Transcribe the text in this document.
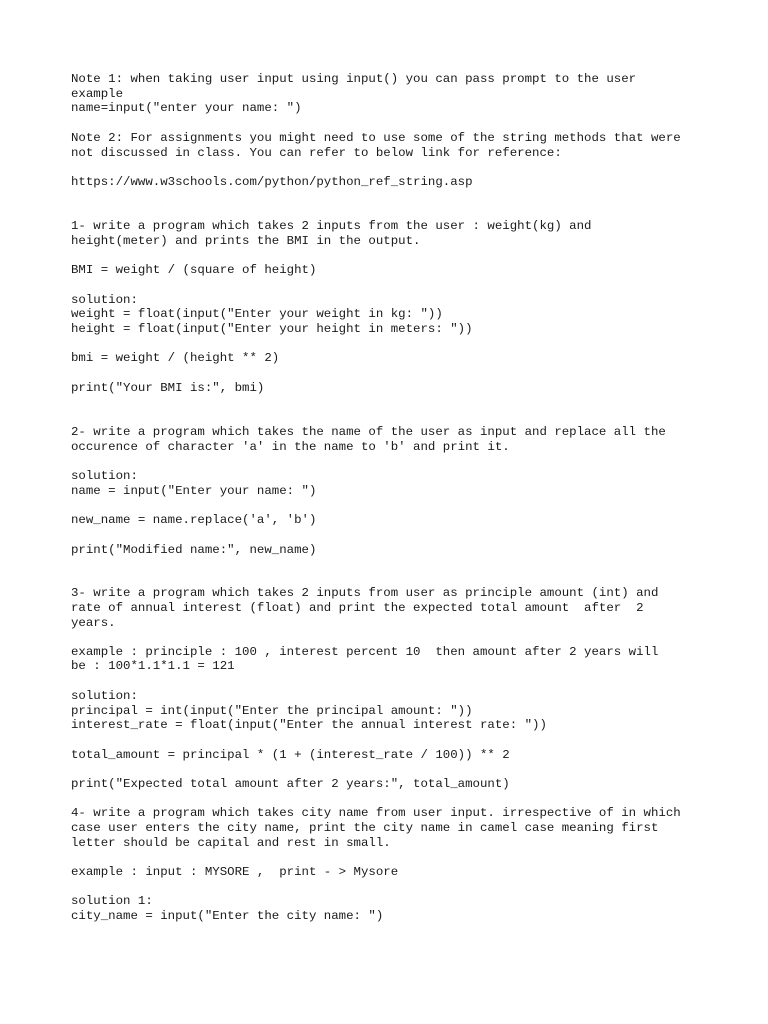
Note 1: when taking user input using input() you can pass prompt to the user

example

name=input("enter your name: ")

Note 2: For assignments you might need to use some of the string methods that were

not discussed in class. You can refer to below link for reference:

https://www.w3schools.com/python/python_ref_string.asp

1- write a program which takes 2 inputs from the user : weight(kg) and

height(meter) and prints the BMI in the output.

BMI = weight / (square of height)

solution:

weight = float(input("Enter your weight in kg: "))

height = float(input("Enter your height in meters: "))

bmi = weight / (height ** 2)

print("Your BMI is:", bmi)

2- write a program which takes the name of the user as input and replace all the

occurence of character 'a' in the name to 'b' and print it.

solution:

name = input("Enter your name: ")

new_name = name.replace('a', 'b')

print("Modified name:", new_name)

3- write a program which takes 2 inputs from user as principle amount (int) and

rate of annual interest (float) and print the expected total amount  after  2

years.

example : principle : 100 , interest percent 10  then amount after 2 years will

be : 100*1.1*1.1 = 121

solution:

principal = int(input("Enter the principal amount: "))

interest_rate = float(input("Enter the annual interest rate: "))

total_amount = principal * (1 + (interest_rate / 100)) ** 2

print("Expected total amount after 2 years:", total_amount)

4- write a program which takes city name from user input. irrespective of in which

case user enters the city name, print the city name in camel case meaning first

letter should be capital and rest in small.

example : input : MYSORE ,  print - > Mysore

solution 1:

city_name = input("Enter the city name: ")
